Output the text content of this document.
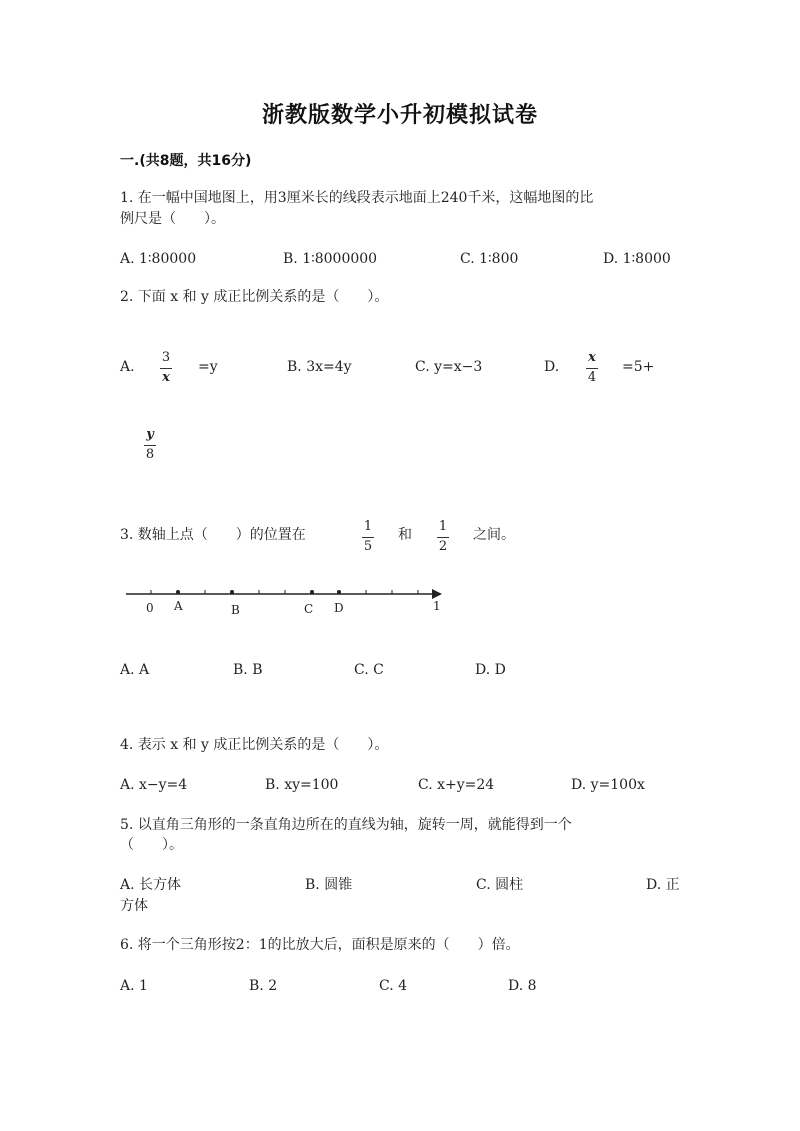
浙教版数学小升初模拟试卷
一.(共8题，共16分)
1. 在一幅中国地图上，用3厘米长的线段表示地面上240千米，这幅地图的比
例尺是（　　）。
A. 1∶80000	B. 1∶8000000	C. 1∶800	D. 1∶8000
2. 下面 x 和 y 成正比例关系的是（　　）。
A.
3
x
=y	B. 3x=4y	C. y=x−3	D.
x
4
=5+
y
8
3. 数轴上点（　　）的位置在
1
5
和
1
2
之间。
0 A	B	C D	1
A. A	B. B	C. C	D. D
4. 表示 x 和 y 成正比例关系的是（　　）。
A. x−y=4	B. xy=100	C. x+y=24	D. y=100x
5. 以直角三角形的一条直角边所在的直线为轴，旋转一周，就能得到一个
（　　）。
A. 长方体	B. 圆锥	C. 圆柱	D. 正
方体
6. 将一个三角形按2：1的比放大后，面积是原来的（　　）倍。
A. 1	B. 2	C. 4	D. 8
